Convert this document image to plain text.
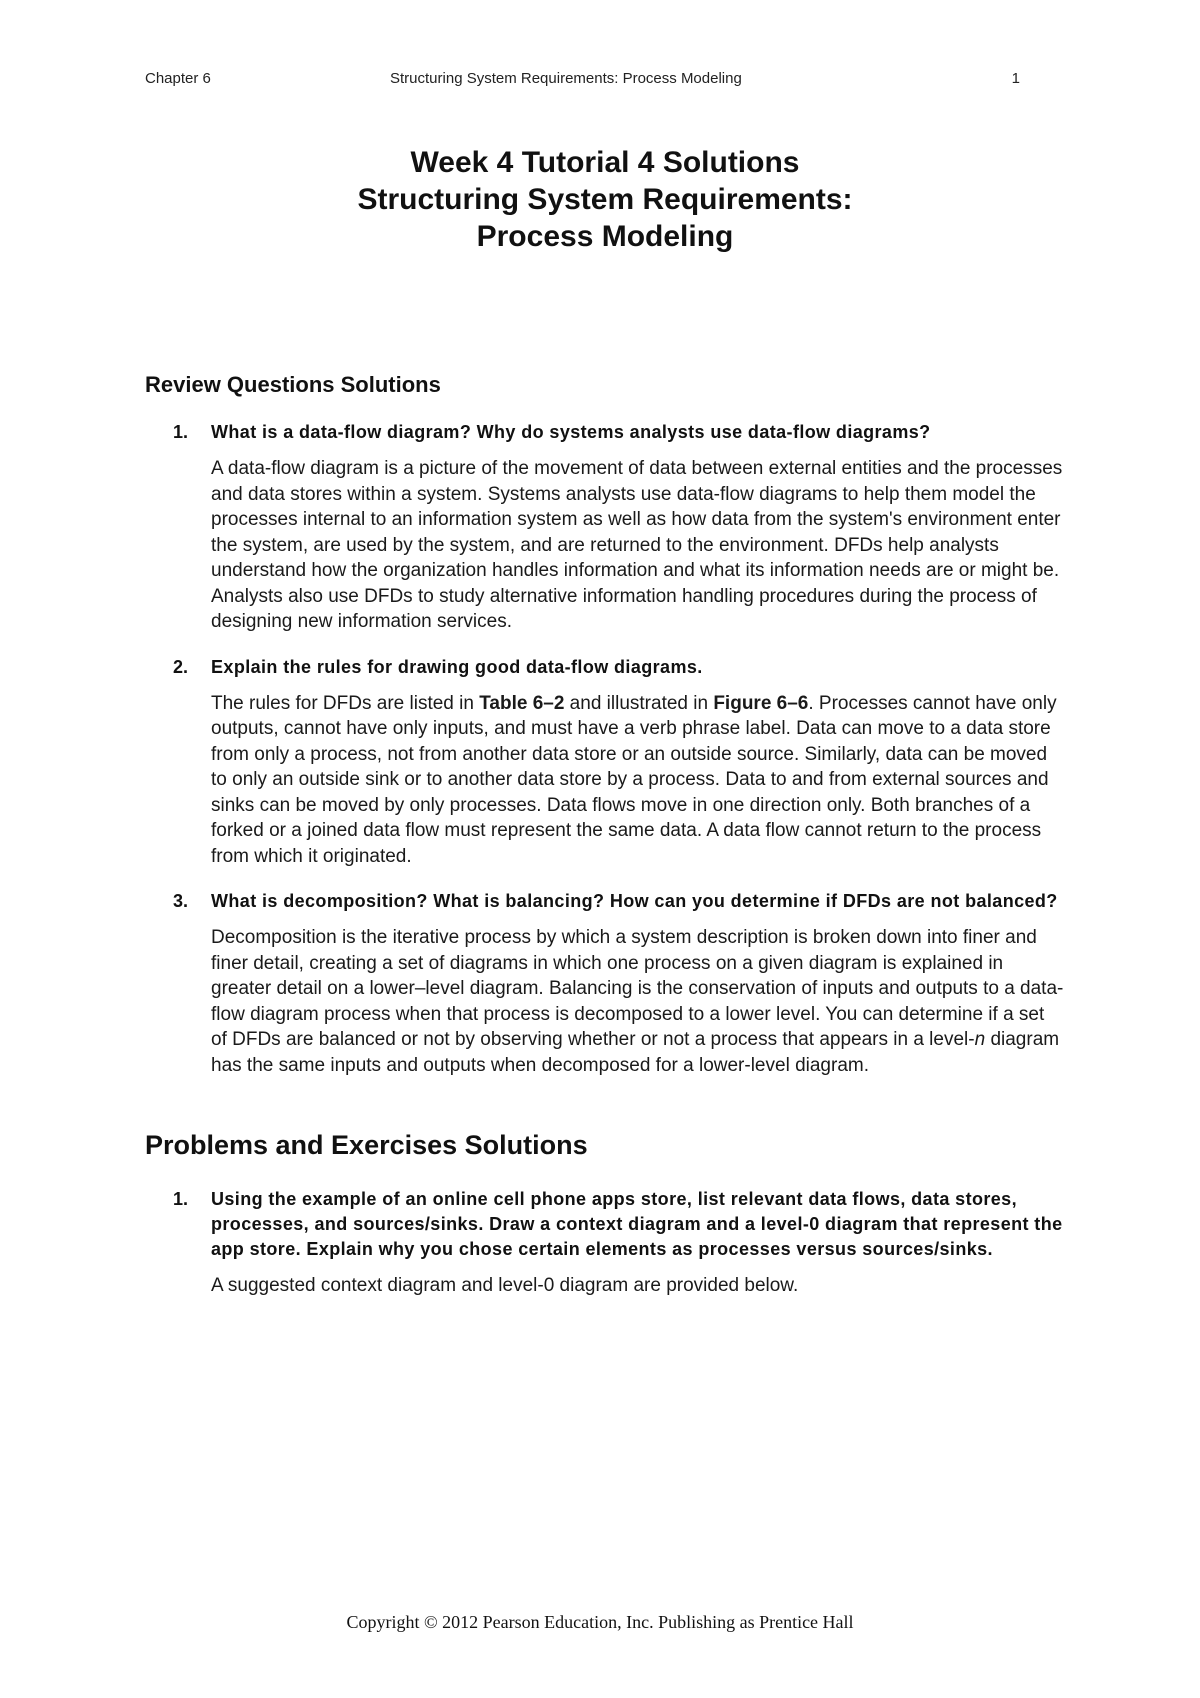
Chapter 6	Structuring System Requirements: Process Modeling	1
Week 4 Tutorial 4 Solutions
Structuring System Requirements:
Process Modeling
Review Questions Solutions
1. What is a data-flow diagram? Why do systems analysts use data-flow diagrams?
A data-flow diagram is a picture of the movement of data between external entities and the processes and data stores within a system. Systems analysts use data-flow diagrams to help them model the processes internal to an information system as well as how data from the system's environment enter the system, are used by the system, and are returned to the environment. DFDs help analysts understand how the organization handles information and what its information needs are or might be. Analysts also use DFDs to study alternative information handling procedures during the process of designing new information services.
2. Explain the rules for drawing good data-flow diagrams.
The rules for DFDs are listed in Table 6–2 and illustrated in Figure 6–6. Processes cannot have only outputs, cannot have only inputs, and must have a verb phrase label. Data can move to a data store from only a process, not from another data store or an outside source. Similarly, data can be moved to only an outside sink or to another data store by a process. Data to and from external sources and sinks can be moved by only processes. Data flows move in one direction only. Both branches of a forked or a joined data flow must represent the same data. A data flow cannot return to the process from which it originated.
3. What is decomposition? What is balancing? How can you determine if DFDs are not balanced?
Decomposition is the iterative process by which a system description is broken down into finer and finer detail, creating a set of diagrams in which one process on a given diagram is explained in greater detail on a lower–level diagram. Balancing is the conservation of inputs and outputs to a data-flow diagram process when that process is decomposed to a lower level. You can determine if a set of DFDs are balanced or not by observing whether or not a process that appears in a level-n diagram has the same inputs and outputs when decomposed for a lower-level diagram.
Problems and Exercises Solutions
1. Using the example of an online cell phone apps store, list relevant data flows, data stores, processes, and sources/sinks. Draw a context diagram and a level-0 diagram that represent the app store. Explain why you chose certain elements as processes versus sources/sinks.
A suggested context diagram and level-0 diagram are provided below.
Copyright © 2012 Pearson Education, Inc. Publishing as Prentice Hall
